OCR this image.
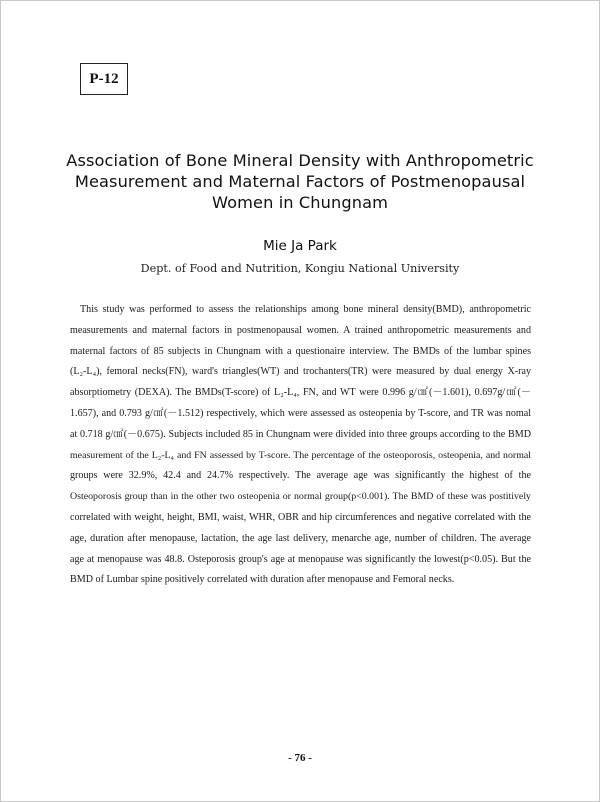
P-12
Association of Bone Mineral Density with Anthropometric
Measurement and Maternal Factors of Postmenopausal
Women in Chungnam
Mie Ja Park
Dept. of Food and Nutrition, Kongiu National University
This study was performed to assess the relationships among bone mineral density(BMD), anthropometric
measurements and maternal factors in postmenopausal women. A trained anthropometric measurements and
maternal factors of 85 subjects in Chungnam with a questionaire interview. The BMDs of the lumbar spines
(L₂-L₄), femoral necks(FN), ward's triangles(WT) and trochanters(TR) were measured by dual energy X-ray
absorptiometry (DEXA). The BMDs(T-score) of L₂-L₄, FN, and WT were 0.996 g/㎠(－1.601), 0.697g/㎠(－
1.657), and 0.793 g/㎠(－1.512) respectively, which were assessed as osteopenia by T-score, and TR was nomal
at 0.718 g/㎠(－0.675). Subjects included 85 in Chungnam were divided into three groups according to the BMD
measurement of the L₂-L₄ and FN assessed by T-score. The percentage of the osteoporosis, osteopenia, and normal
groups were 32.9%, 42.4 and 24.7% respectively. The average age was significantly the highest of the
Osteoporosis group than in the other two osteopenia or normal group(p<0.001). The BMD of these was postitively
correlated with weight, height, BMI, waist, WHR, OBR and hip circumferences and negative correlated with the
age, duration after menopause, lactation, the age last delivery, menarche age, number of children. The average
age at menopause was 48.8. Osteporosis group's age at menopause was significantly the lowest(p<0.05). But the
BMD of Lumbar spine positively correlated with duration after menopause and Femoral necks.
- 76 -
